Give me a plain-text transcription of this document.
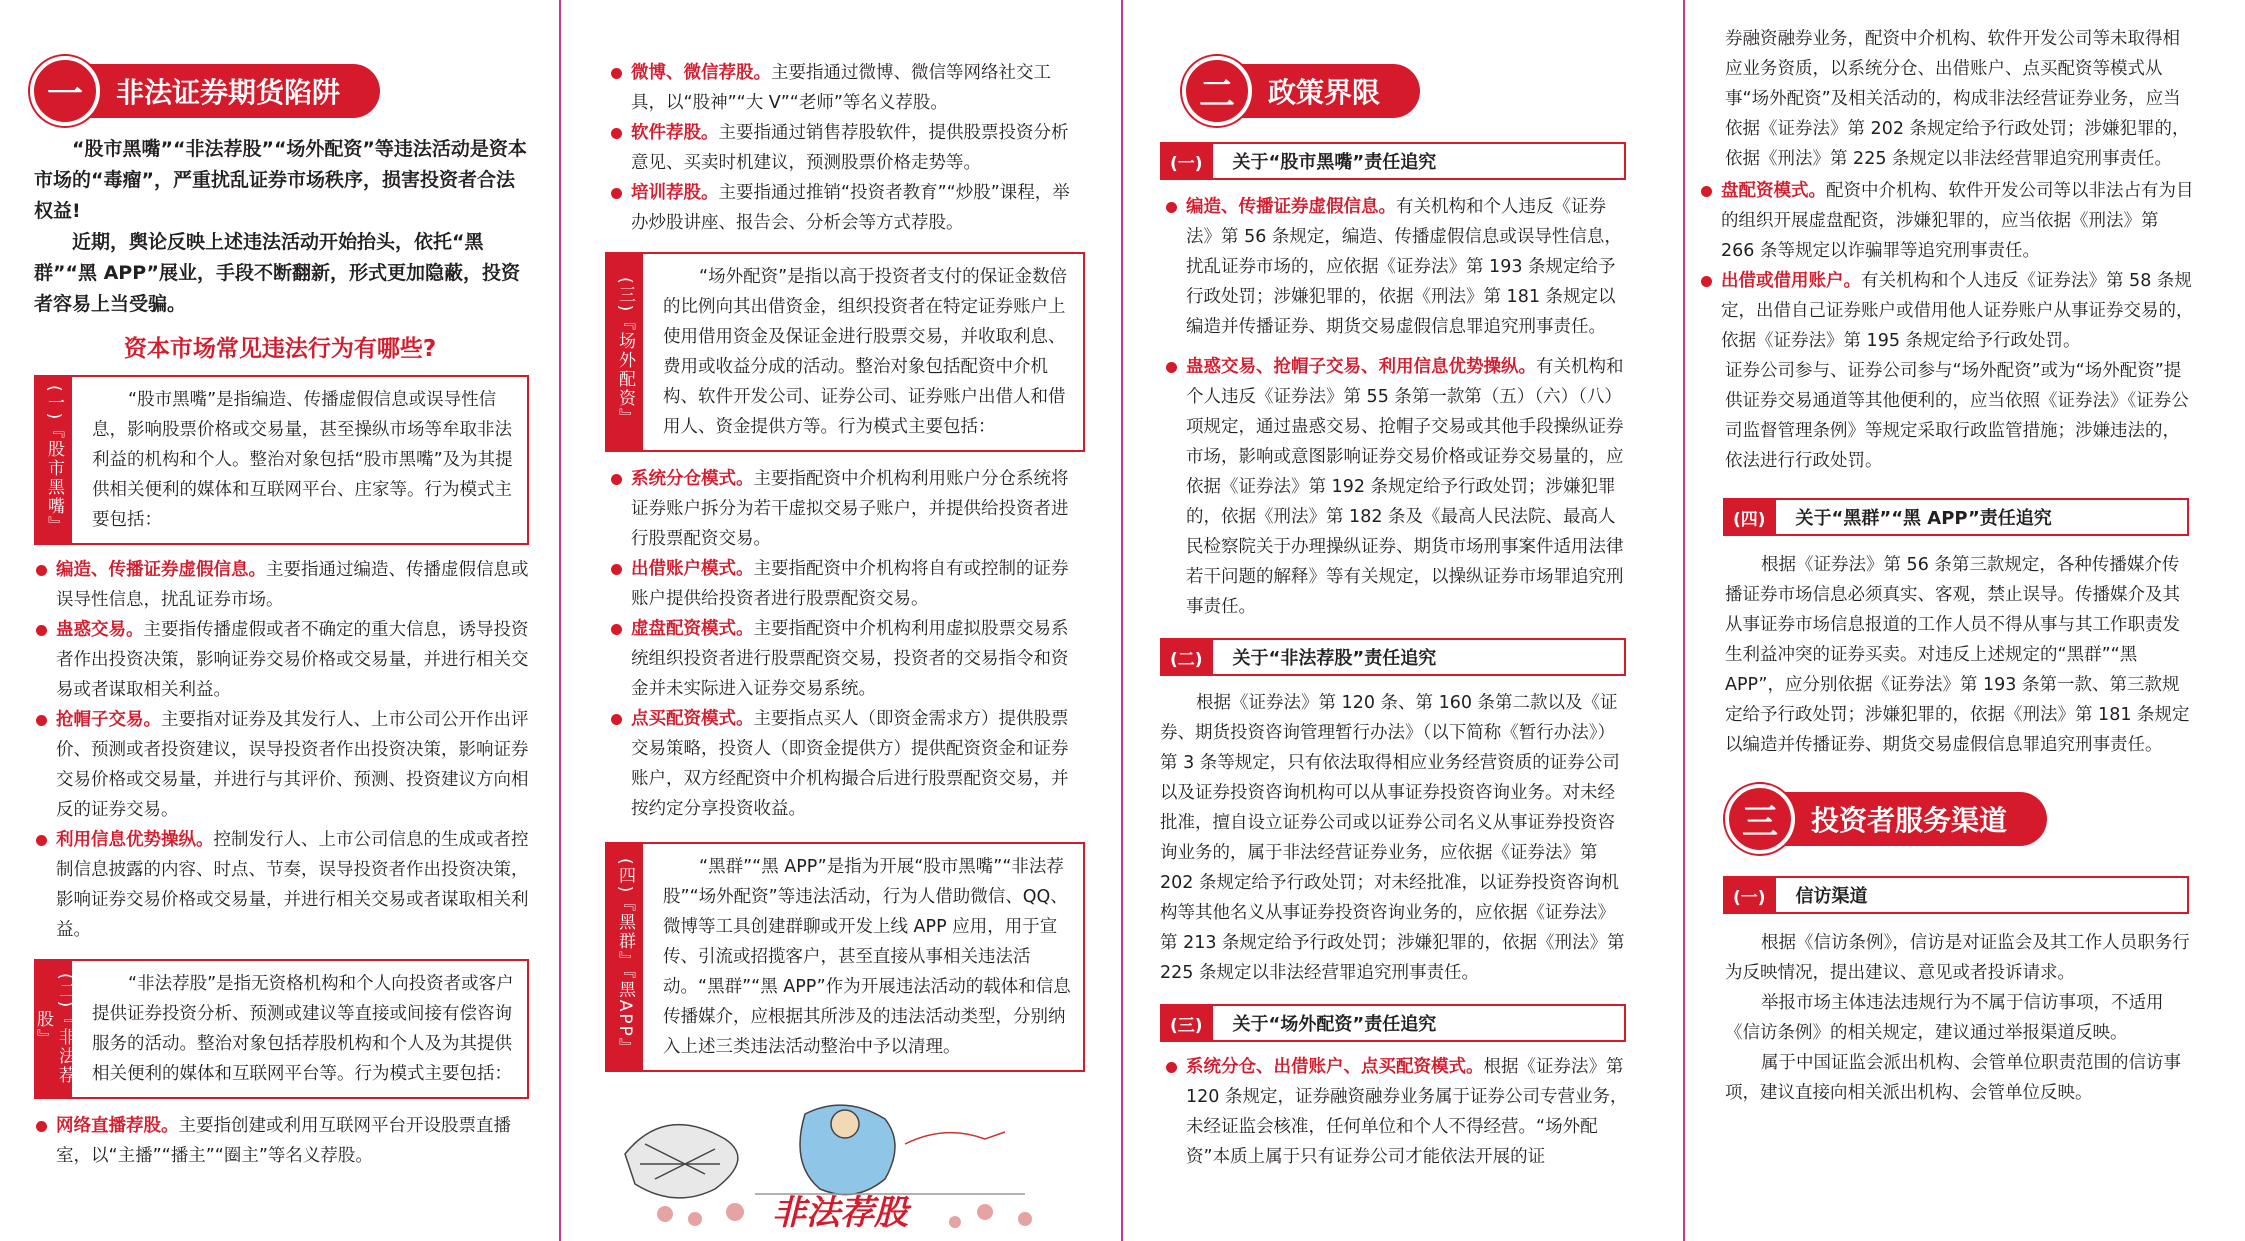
一	非法证券期货陷阱

“股市黑嘴”“非法荐股”“场外配资”等违法活动是资本市场的“毒瘤”，严重扰乱证券市场秩序，损害投资者合法权益!

近期，舆论反映上述违法活动开始抬头，依托“黑群”“黑 APP”展业，手段不断翻新，形式更加隐蔽，投资者容易上当受骗。

资本市场常见违法行为有哪些?
(一)『股市黑嘴』	“股市黑嘴”是指编造、传播虚假信息或误导性信息，影响股票价格或交易量，甚至操纵市场等牟取非法利益的机构和个人。整治对象包括“股市黑嘴”及为其提供相关便利的媒体和互联网平台、庄家等。行为模式主要包括：

编造、传播证券虚假信息。主要指通过编造、传播虚假信息或误导性信息，扰乱证券市场。
蛊惑交易。主要指传播虚假或者不确定的重大信息，诱导投资者作出投资决策，影响证券交易价格或交易量，并进行相关交易或者谋取相关利益。
抢帽子交易。主要指对证券及其发行人、上市公司公开作出评价、预测或者投资建议，误导投资者作出投资决策，影响证券交易价格或交易量，并进行与其评价、预测、投资建议方向相反的证券交易。
利用信息优势操纵。控制发行人、上市公司信息的生成或者控制信息披露的内容、时点、节奏，误导投资者作出投资决策，影响证券交易价格或交易量，并进行相关交易或者谋取相关利益。
(二)『非法荐股』

“非法荐股”是指无资格机构和个人向投资者或客户提供证券投资分析、预测或建议等直接或间接有偿咨询服务的活动。整治对象包括荐股机构和个人及为其提供相关便利的媒体和互联网平台等。行为模式主要包括：

网络直播荐股。主要指创建或利用互联网平台开设股票直播室，以“主播”“播主”“圈主”等名义荐股。
微博、微信荐股。主要指通过微博、微信等网络社交工具，以“股神”“大 V”“老师”等名义荐股。
软件荐股。主要指通过销售荐股软件，提供股票投资分析意见、买卖时机建议，预测股票价格走势等。
培训荐股。主要指通过推销“投资者教育”“炒股”课程，举办炒股讲座、报告会、分析会等方式荐股。
(三)『场外配资』	“场外配资”是指以高于投资者支付的保证金数倍的比例向其出借资金，组织投资者在特定证券账户上使用借用资金及保证金进行股票交易，并收取利息、费用或收益分成的活动。整治对象包括配资中介机构、软件开发公司、证券公司、证券账户出借人和借用人、资金提供方等。行为模式主要包括：

系统分仓模式。主要指配资中介机构利用账户分仓系统将证券账户拆分为若干虚拟交易子账户，并提供给投资者进行股票配资交易。
出借账户模式。主要指配资中介机构将自有或控制的证券账户提供给投资者进行股票配资交易。
虚盘配资模式。主要指配资中介机构利用虚拟股票交易系统组织投资者进行股票配资交易，投资者的交易指令和资金并未实际进入证券交易系统。
点买配资模式。主要指点买人（即资金需求方）提供股票交易策略，投资人（即资金提供方）提供配资资金和证券账户，双方经配资中介机构撮合后进行股票配资交易，并按约定分享投资收益。
(四)『黑群』『黑APP』	“黑群”“黑 APP”是指为开展“股市黑嘴”“非法荐股”“场外配资”等违法活动，行为人借助微信、QQ、微博等工具创建群聊或开发上线 APP 应用，用于宣传、引流或招揽客户，甚至直接从事相关违法活动。“黑群”“黑 APP”作为开展违法活动的载体和信息传播媒介，应根据其所涉及的违法活动类型，分别纳入上述三类违法活动整治中予以清理。

非法荐股
二	政策界限
(一)	关于“股市黑嘴”责任追究
编造、传播证券虚假信息。有关机构和个人违反《证券法》第 56 条规定，编造、传播虚假信息或误导性信息，扰乱证券市场的，应依据《证券法》第 193 条规定给予行政处罚；涉嫌犯罪的，依据《刑法》第 181 条规定以编造并传播证券、期货交易虚假信息罪追究刑事责任。
蛊惑交易、抢帽子交易、利用信息优势操纵。有关机构和个人违反《证券法》第 55 条第一款第（五）（六）（八）项规定，通过蛊惑交易、抢帽子交易或其他手段操纵证券市场，影响或意图影响证券交易价格或证券交易量的，应依据《证券法》第 192 条规定给予行政处罚；涉嫌犯罪的，依据《刑法》第 182 条及《最高人民法院、最高人民检察院关于办理操纵证券、期货市场刑事案件适用法律若干问题的解释》等有关规定，以操纵证券市场罪追究刑事责任。
(二)	关于“非法荐股”责任追究

根据《证券法》第 120 条、第 160 条第二款以及《证券、期货投资咨询管理暂行办法》（以下简称《暂行办法》）第 3 条等规定，只有依法取得相应业务经营资质的证券公司以及证券投资咨询机构可以从事证券投资咨询业务。对未经批准，擅自设立证券公司或以证券公司名义从事证券投资咨询业务的，属于非法经营证券业务，应依据《证券法》第 202 条规定给予行政处罚；对未经批准，以证券投资咨询机构等其他名义从事证券投资咨询业务的，应依据《证券法》第 213 条规定给予行政处罚；涉嫌犯罪的，依据《刑法》第 225 条规定以非法经营罪追究刑事责任。

(三)	关于“场外配资”责任追究
系统分仓、出借账户、点买配资模式。根据《证券法》第 120 条规定，证券融资融券业务属于证券公司专营业务，未经证监会核准，任何单位和个人不得经营。“场外配资”本质上属于只有证券公司才能依法开展的证

券融资融券业务，配资中介机构、软件开发公司等未取得相应业务资质，以系统分仓、出借账户、点买配资等模式从事“场外配资”及相关活动的，构成非法经营证券业务，应当依据《证券法》第 202 条规定给予行政处罚；涉嫌犯罪的，依据《刑法》第 225 条规定以非法经营罪追究刑事责任。

盘配资模式。配资中介机构、软件开发公司等以非法占有为目的组织开展虚盘配资，涉嫌犯罪的，应当依据《刑法》第 266 条等规定以诈骗罪等追究刑事责任。
出借或借用账户。有关机构和个人违反《证券法》第 58 条规定，出借自己证券账户或借用他人证券账户从事证券交易的，依据《证券法》第 195 条规定给予行政处罚。

证券公司参与、证券公司参与“场外配资”或为“场外配资”提供证券交易通道等其他便利的，应当依照《证券法》《证券公司监督管理条例》等规定采取行政监管措施；涉嫌违法的，依法进行行政处罚。

(四)	关于“黑群”“黑 APP”责任追究

根据《证券法》第 56 条第三款规定，各种传播媒介传播证券市场信息必须真实、客观，禁止误导。传播媒介及其从事证券市场信息报道的工作人员不得从事与其工作职责发生利益冲突的证券买卖。对违反上述规定的“黑群”“黑 APP”，应分别依据《证券法》第 193 条第一款、第三款规定给予行政处罚；涉嫌犯罪的，依据《刑法》第 181 条规定以编造并传播证券、期货交易虚假信息罪追究刑事责任。

三	投资者服务渠道
(一)	信访渠道

根据《信访条例》，信访是对证监会及其工作人员职务行为反映情况，提出建议、意见或者投诉请求。

举报市场主体违法违规行为不属于信访事项，不适用《信访条例》的相关规定，建议通过举报渠道反映。

属于中国证监会派出机构、会管单位职责范围的信访事项，建议直接向相关派出机构、会管单位反映。
